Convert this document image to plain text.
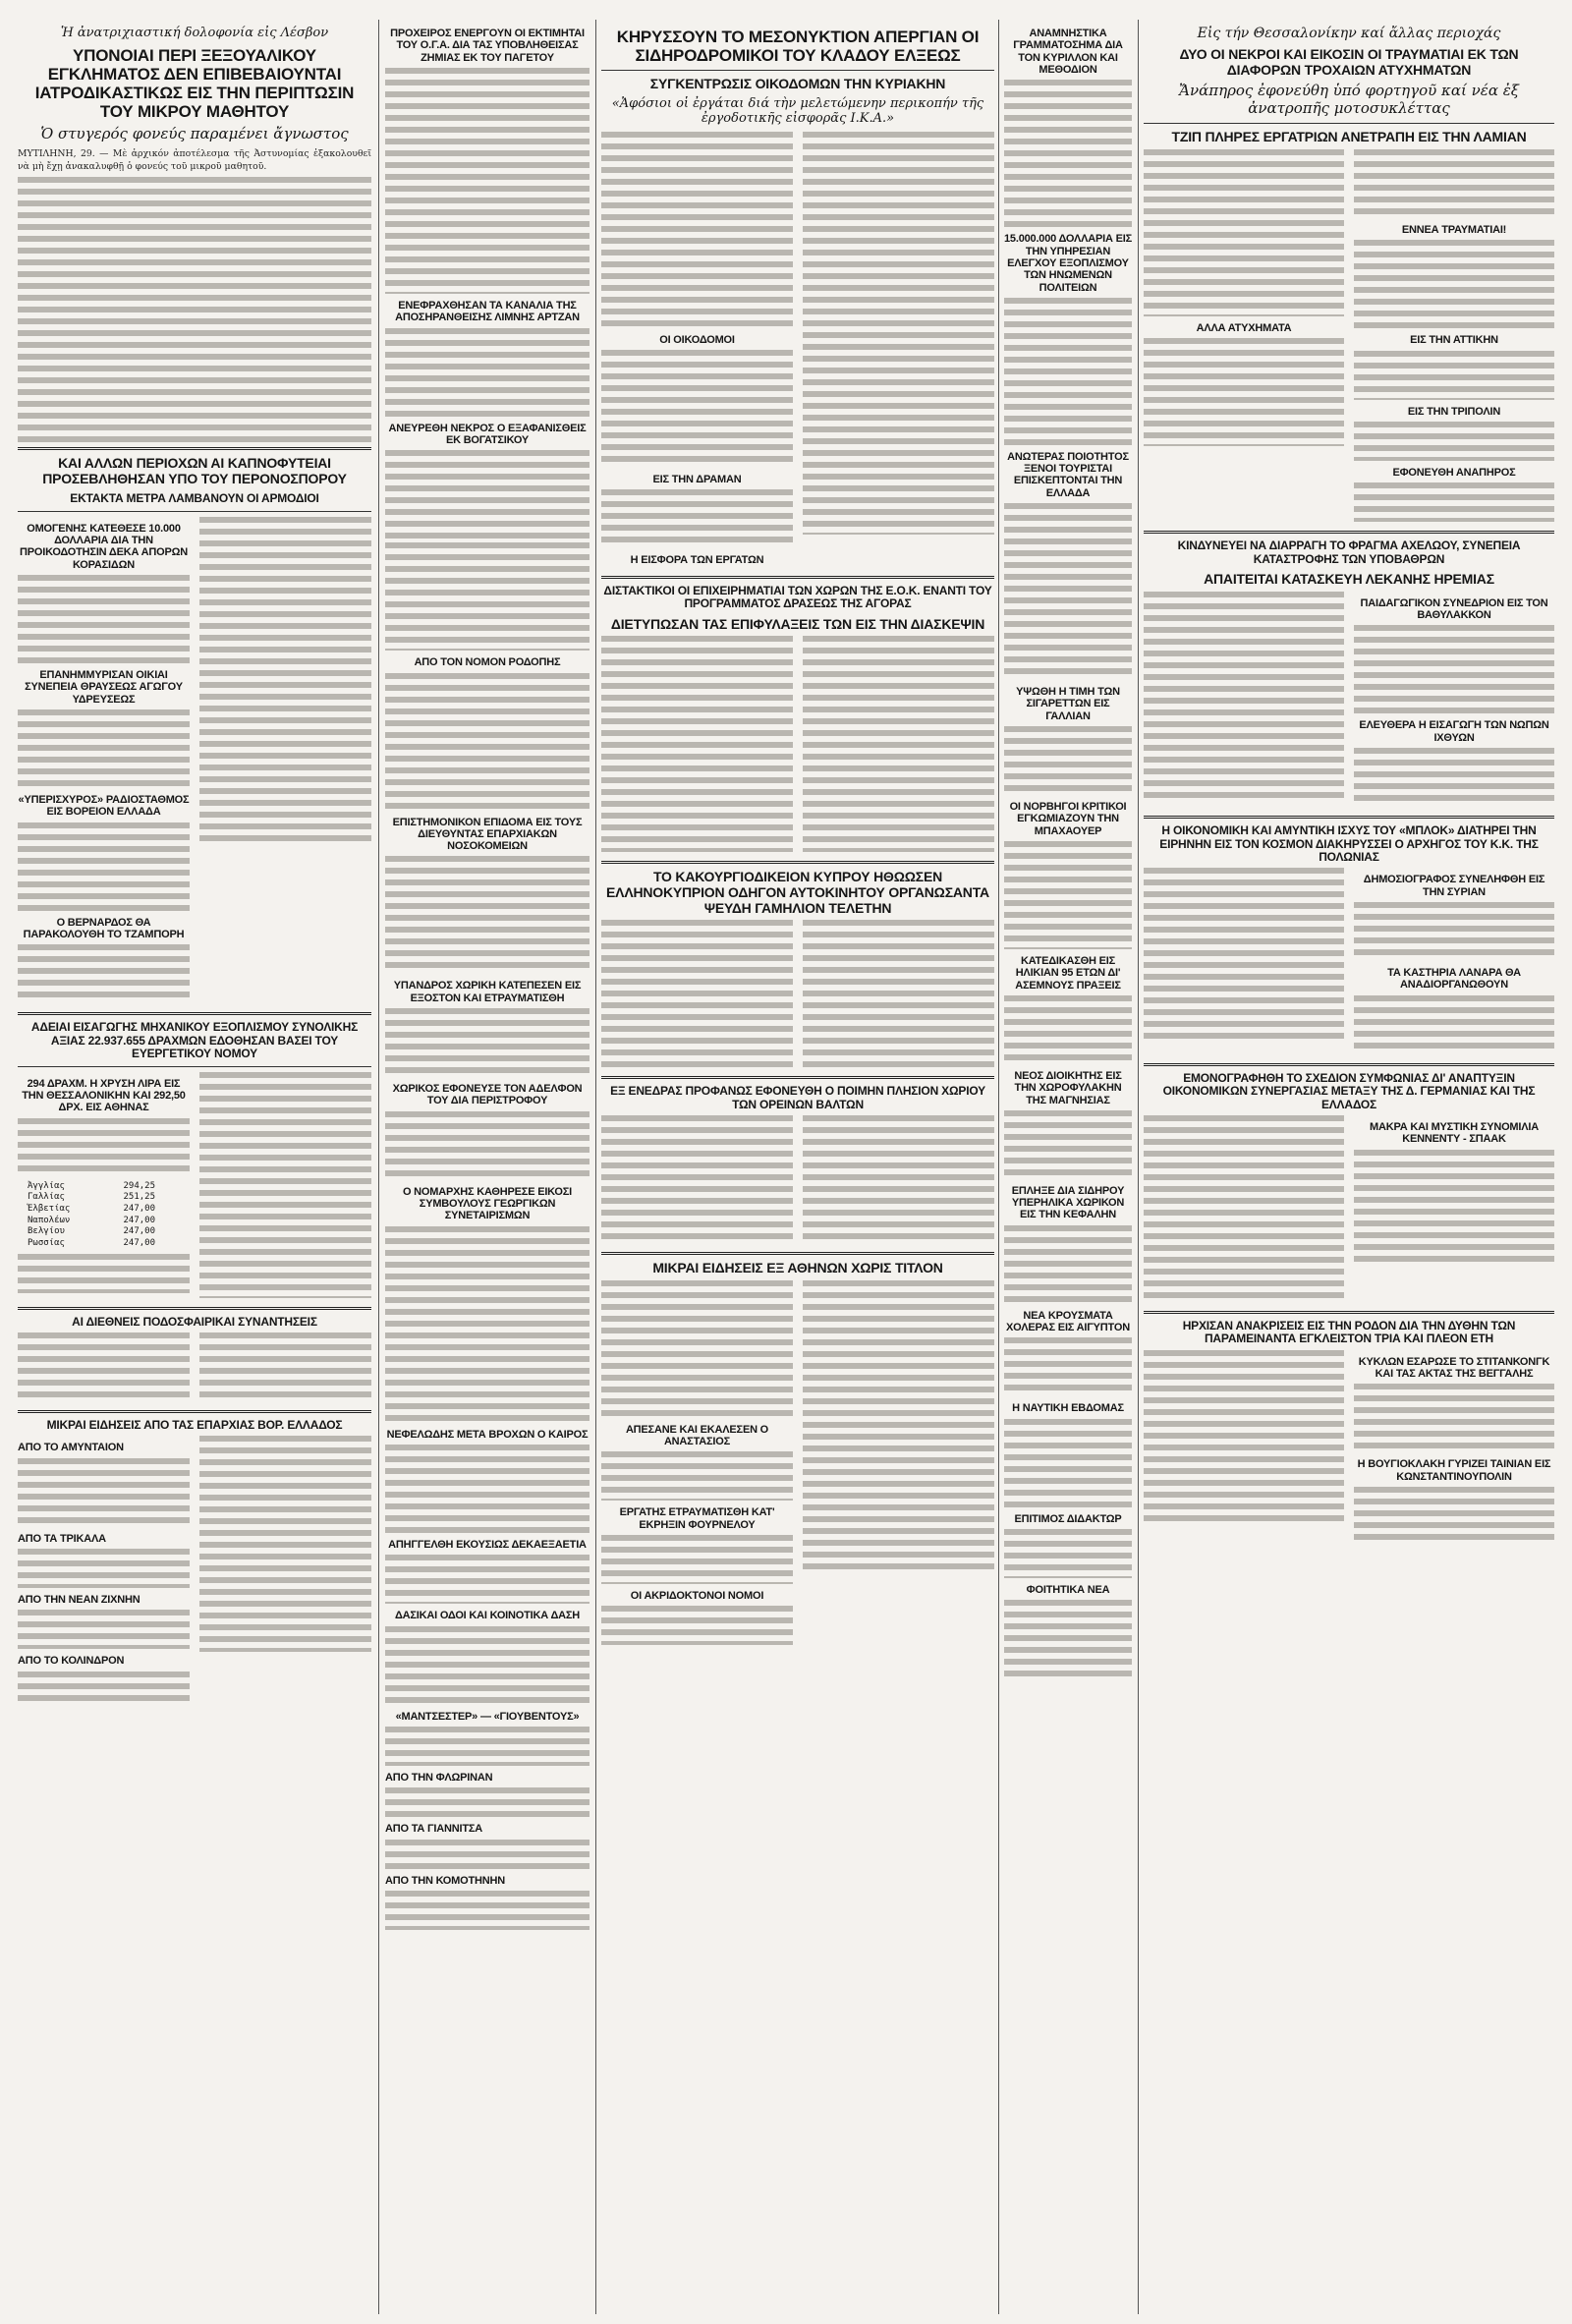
Ἡ ἀνατριχιαστική δολοφονία εἰς Λέσβον
ΥΠΟΝΟΙΑΙ ΠΕΡΙ ΞΕΞΟΥΑΛΙΚΟΥ ΕΓΚΛΗΜΑΤΟΣ ΔΕΝ ΕΠΙΒΕΒΑΙΟΥΝΤΑΙ ΙΑΤΡΟΔΙΚΑΣΤΙΚΩΣ ΕΙΣ ΤΗΝ ΠΕΡΙΠΤΩΣΙΝ ΤΟΥ ΜΙΚΡΟΥ ΜΑΘΗΤΟΥ
Ὁ στυγερός φονεύς παραμένει ἄγνωστος

ΜΥΤΙΛΗΝΗ, 29. — Μὲ ἀρχικόν ἀποτέλεσμα τῆς Ἀστυνομίας ἐξακολουθεῖ νὰ μὴ ἔχῃ ἀνακαλυφθῇ ὁ φονεύς τοῦ μικροῦ μαθητοῦ.

ΚΑΙ ΑΛΛΩΝ ΠΕΡΙΟΧΩΝ ΑΙ ΚΑΠΝΟΦΥΤΕΙΑΙ ΠΡΟΣΕΒΛΗΘΗΣΑΝ ΥΠΟ ΤΟΥ ΠΕΡΟΝΟΣΠΟΡΟΥ
ΕΚΤΑΚΤΑ ΜΕΤΡΑ ΛΑΜΒΑΝΟΥΝ ΟΙ ΑΡΜΟΔΙΟΙ
ΟΜΟΓΕΝΗΣ ΚΑΤΕΘΕΣΕ 10.000 ΔΟΛΛΑΡΙΑ ΔΙΑ ΤΗΝ ΠΡΟΙΚΟΔΟΤΗΣΙΝ ΔΕΚΑ ΑΠΟΡΩΝ ΚΟΡΑΣΙΔΩΝ
ΕΠΑΝΗΜΜΥΡΙΣΑΝ ΟΙΚΙΑΙ ΣΥΝΕΠΕΙΑ ΘΡΑΥΣΕΩΣ ΑΓΩΓΟΥ ΥΔΡΕΥΣΕΩΣ
«ΥΠΕΡΙΣΧΥΡΟΣ» ΡΑΔΙΟΣΤΑΘΜΟΣ ΕΙΣ ΒΟΡΕΙΟΝ ΕΛΛΑΔΑ
Ο ΒΕΡΝΑΡΔΟΣ ΘΑ ΠΑΡΑΚΟΛΟΥΘΗ ΤΟ ΤΖΑΜΠΟΡΗ
ΑΔΕΙΑΙ ΕΙΣΑΓΩΓΗΣ ΜΗΧΑΝΙΚΟΥ ΕΞΟΠΛΙΣΜΟΥ ΣΥΝΟΛΙΚΗΣ ΑΞΙΑΣ 22.937.655 ΔΡΑΧΜΩΝ ΕΔΟΘΗΣΑΝ ΒΑΣΕΙ ΤΟΥ ΕΥΕΡΓΕΤΙΚΟΥ ΝΟΜΟΥ
294 ΔΡΑΧΜ. Η ΧΡΥΣΗ ΛΙΡΑ ΕΙΣ ΤΗΝ ΘΕΣΣΑΛΟΝΙΚΗΝ ΚΑΙ 292,50 ΔΡΧ. ΕΙΣ ΑΘΗΝΑΣ
Ἀγγλίας	294,25
Γαλλίας	251,25
Ἑλβετίας	247,00
Ναπολέων	247,00
Βελγίου	247,00
Ρωσσίας	247,00
ΑΙ ΔΙΕΘΝΕΙΣ ΠΟΔΟΣΦΑΙΡΙΚΑΙ ΣΥΝΑΝΤΗΣΕΙΣ
ΜΙΚΡΑΙ ΕΙΔΗΣΕΙΣ ΑΠΟ ΤΑΣ ΕΠΑΡΧΙΑΣ ΒΟΡ. ΕΛΛΑΔΟΣ
ΑΠΟ ΤΟ ΑΜΥΝΤΑΙΟΝ
ΑΠΟ ΤΑ ΤΡΙΚΑΛΑ
ΑΠΟ ΤΗΝ ΝΕΑΝ ΖΙΧΝΗΝ
ΑΠΟ ΤΟ ΚΟΛΙΝΔΡΟΝ
ΠΡΟΧΕΙΡΟΣ ΕΝΕΡΓΟΥΝ ΟΙ ΕΚΤΙΜΗΤΑΙ ΤΟΥ Ο.Γ.Α. ΔΙΑ ΤΑΣ ΥΠΟΒΛΗΘΕΙΣΑΣ ΖΗΜΙΑΣ ΕΚ ΤΟΥ ΠΑΓΕΤΟΥ
ΕΝΕΦΡΑΧΘΗΣΑΝ ΤΑ ΚΑΝΑΛΙΑ ΤΗΣ ΑΠΟΣΗΡΑΝΘΕΙΣΗΣ ΛΙΜΝΗΣ ΑΡΤΖΑΝ
ΑΝΕΥΡΕΘΗ ΝΕΚΡΟΣ Ο ΕΞΑΦΑΝΙΣΘΕΙΣ ΕΚ ΒΟΓΑΤΣΙΚΟΥ
ΑΠΟ ΤΟΝ ΝΟΜΟΝ ΡΟΔΟΠΗΣ
ΕΠΙΣΤΗΜΟΝΙΚΟΝ ΕΠΙΔΟΜΑ ΕΙΣ ΤΟΥΣ ΔΙΕΥΘΥΝΤΑΣ ΕΠΑΡΧΙΑΚΩΝ ΝΟΣΟΚΟΜΕΙΩΝ
ΥΠΑΝΔΡΟΣ ΧΩΡΙΚΗ ΚΑΤΕΠΕΣΕΝ ΕΙΣ ΕΞΟΣΤΟΝ ΚΑΙ ΕΤΡΑΥΜΑΤΙΣΘΗ
ΧΩΡΙΚΟΣ ΕΦΟΝΕΥΣΕ ΤΟΝ ΑΔΕΛΦΟΝ ΤΟΥ ΔΙΑ ΠΕΡΙΣΤΡΟΦΟΥ
Ο ΝΟΜΑΡΧΗΣ ΚΑΘΗΡΕΣΕ ΕΙΚΟΣΙ ΣΥΜΒΟΥΛΟΥΣ ΓΕΩΡΓΙΚΩΝ ΣΥΝΕΤΑΙΡΙΣΜΩΝ
ΝΕΦΕΛΩΔΗΣ ΜΕΤΑ ΒΡΟΧΩΝ Ο ΚΑΙΡΟΣ
ΑΠΗΓΓΕΛΘΗ ΕΚΟΥΣΙΩΣ ΔΕΚΑΕΞΑΕΤΙΑ
ΔΑΣΙΚΑΙ ΟΔΟΙ ΚΑΙ ΚΟΙΝΟΤΙΚΑ ΔΑΣΗ
«ΜΑΝΤΣΕΣΤΕΡ» — «ΓΙΟΥΒΕΝΤΟΥΣ»
ΑΠΟ ΤΗΝ ΦΛΩΡΙΝΑΝ
ΑΠΟ ΤΑ ΓΙΑΝΝΙΤΣΑ
ΑΠΟ ΤΗΝ ΚΟΜΟΤΗΝΗΝ
ΚΗΡΥΣΣΟΥΝ ΤΟ ΜΕΣΟΝΥΚΤΙΟΝ ΑΠΕΡΓΙΑΝ ΟΙ ΣΙΔΗΡΟΔΡΟΜΙΚΟΙ ΤΟΥ ΚΛΑΔΟΥ ΕΛΞΕΩΣ
ΣΥΓΚΕΝΤΡΩΣΙΣ ΟΙΚΟΔΟΜΩΝ ΤΗΝ ΚΥΡΙΑΚΗΝ
«Ἀφόσιοι οἱ ἐργάται διά τὴν μελετώμενην περικοπήν τῆς ἐργοδοτικῆς εἰσφορᾶς Ι.Κ.Α.»
ΟΙ ΟΙΚΟΔΟΜΟΙ
ΕΙΣ ΤΗΝ ΔΡΑΜΑΝ
Η ΕΙΣΦΟΡΑ ΤΩΝ ΕΡΓΑΤΩΝ
ΔΙΣΤΑΚΤΙΚΟΙ ΟΙ ΕΠΙΧΕΙΡΗΜΑΤΙΑΙ ΤΩΝ ΧΩΡΩΝ ΤΗΣ Ε.Ο.Κ. ΕΝΑΝΤΙ ΤΟΥ ΠΡΟΓΡΑΜΜΑΤΟΣ ΔΡΑΣΕΩΣ ΤΗΣ ΑΓΟΡΑΣ
ΔΙΕΤΥΠΩΣΑΝ ΤΑΣ ΕΠΙΦΥΛΑΞΕΙΣ ΤΩΝ ΕΙΣ ΤΗΝ ΔΙΑΣΚΕΨΙΝ
ΤΟ ΚΑΚΟΥΡΓΙΟΔΙΚΕΙΟΝ ΚΥΠΡΟΥ ΗΘΩΩΣΕΝ ΕΛΛΗΝΟΚΥΠΡΙΟΝ ΟΔΗΓΟΝ ΑΥΤΟΚΙΝΗΤΟΥ ΟΡΓΑΝΩΣΑΝΤΑ ΨΕΥΔΗ ΓΑΜΗΛΙΟΝ ΤΕΛΕΤΗΝ
ΕΞ ΕΝΕΔΡΑΣ ΠΡΟΦΑΝΩΣ ΕΦΟΝΕΥΘΗ Ο ΠΟΙΜΗΝ ΠΛΗΣΙΟΝ ΧΩΡΙΟΥ ΤΩΝ ΟΡΕΙΝΩΝ ΒΑΛΤΩΝ
ΜΙΚΡΑΙ ΕΙΔΗΣΕΙΣ ΕΞ ΑΘΗΝΩΝ ΧΩΡΙΣ ΤΙΤΛΟΝ
ΑΠΕΣΑΝΕ ΚΑΙ ΕΚΑΛΕΣΕΝ Ο ΑΝΑΣΤΑΣΙΟΣ
ΕΡΓΑΤΗΣ ΕΤΡΑΥΜΑΤΙΣΘΗ ΚΑΤ' ΕΚΡΗΞΙΝ ΦΟΥΡΝΕΛΟΥ
ΟΙ ΑΚΡΙΔΟΚΤΟΝΟΙ ΝΟΜΟΙ
ΑΝΑΜΝΗΣΤΙΚΑ ΓΡΑΜΜΑΤΟΣΗΜΑ ΔΙΑ ΤΟΝ ΚΥΡΙΛΛΟΝ ΚΑΙ ΜΕΘΟΔΙΟΝ
15.000.000 ΔΟΛΛΑΡΙΑ ΕΙΣ ΤΗΝ ΥΠΗΡΕΣΙΑΝ ΕΛΕΓΧΟΥ ΕΞΟΠΛΙΣΜΟΥ ΤΩΝ ΗΝΩΜΕΝΩΝ ΠΟΛΙΤΕΙΩΝ
ΑΝΩΤΕΡΑΣ ΠΟΙΟΤΗΤΟΣ ΞΕΝΟΙ ΤΟΥΡΙΣΤΑΙ ΕΠΙΣΚΕΠΤΟΝΤΑΙ ΤΗΝ ΕΛΛΑΔΑ
ΥΨΩΘΗ Η ΤΙΜΗ ΤΩΝ ΣΙΓΑΡΕΤΤΩΝ ΕΙΣ ΓΑΛΛΙΑΝ
ΟΙ ΝΟΡΒΗΓΟΙ ΚΡΙΤΙΚΟΙ ΕΓΚΩΜΙΑΖΟΥΝ ΤΗΝ ΜΠΑΧΑΟΥΕΡ
ΚΑΤΕΔΙΚΑΣΘΗ ΕΙΣ ΗΛΙΚΙΑΝ 95 ΕΤΩΝ ΔΙ' ΑΣΕΜΝΟΥΣ ΠΡΑΞΕΙΣ
ΝΕΟΣ ΔΙΟΙΚΗΤΗΣ ΕΙΣ ΤΗΝ ΧΩΡΟΦΥΛΑΚΗΝ ΤΗΣ ΜΑΓΝΗΣΙΑΣ
ΕΠΛΗΞΕ ΔΙΑ ΣΙΔΗΡΟΥ ΥΠΕΡΗΛΙΚΑ ΧΩΡΙΚΟΝ ΕΙΣ ΤΗΝ ΚΕΦΑΛΗΝ
ΝΕΑ ΚΡΟΥΣΜΑΤΑ ΧΟΛΕΡΑΣ ΕΙΣ ΑΙΓΥΠΤΟΝ
Η ΝΑΥΤΙΚΗ ΕΒΔΟΜΑΣ
ΕΠΙΤΙΜΟΣ ΔΙΔΑΚΤΩΡ
ΦΟΙΤΗΤΙΚΑ ΝΕΑ
Εἰς τήν Θεσσαλονίκην καί ἄλλας περιοχάς
ΔΥΟ ΟΙ ΝΕΚΡΟΙ ΚΑΙ ΕΙΚΟΣΙΝ ΟΙ ΤΡΑΥΜΑΤΙΑΙ ΕΚ ΤΩΝ ΔΙΑΦΟΡΩΝ ΤΡΟΧΑΙΩΝ ΑΤΥΧΗΜΑΤΩΝ
Ἄνάπηρος ἐφονεύθη ὑπό φορτηγοῦ καί νέα ἐξ ἀνατροπῆς μοτοσυκλέττας
ΤΖΙΠ ΠΛΗΡΕΣ ΕΡΓΑΤΡΙΩΝ ΑΝΕΤΡΑΠΗ ΕΙΣ ΤΗΝ ΛΑΜΙΑΝ
ΑΛΛΑ ΑΤΥΧΗΜΑΤΑ
ΕΝΝΕΑ ΤΡΑΥΜΑΤΙΑΙ!
ΕΙΣ ΤΗΝ ΑΤΤΙΚΗΝ
ΕΙΣ ΤΗΝ ΤΡΙΠΟΛΙΝ
ΕΦΟΝΕΥΘΗ ΑΝΑΠΗΡΟΣ
ΚΙΝΔΥΝΕΥΕΙ ΝΑ ΔΙΑΡΡΑΓΗ ΤΟ ΦΡΑΓΜΑ ΑΧΕΛΩΟΥ, ΣΥΝΕΠΕΙΑ ΚΑΤΑΣΤΡΟΦΗΣ ΤΩΝ ΥΠΟΒΑΘΡΩΝ
ΑΠΑΙΤΕΙΤΑΙ ΚΑΤΑΣΚΕΥΗ ΛΕΚΑΝΗΣ ΗΡΕΜΙΑΣ
ΠΑΙΔΑΓΩΓΙΚΟΝ ΣΥΝΕΔΡΙΟΝ ΕΙΣ ΤΟΝ ΒΑΘΥΛΑΚΚΟΝ
ΕΛΕΥΘΕΡΑ Η ΕΙΣΑΓΩΓΗ ΤΩΝ ΝΩΠΩΝ ΙΧΘΥΩΝ
Η ΟΙΚΟΝΟΜΙΚΗ ΚΑΙ ΑΜΥΝΤΙΚΗ ΙΣΧΥΣ ΤΟΥ «ΜΠΛΟΚ» ΔΙΑΤΗΡΕΙ ΤΗΝ ΕΙΡΗΝΗΝ ΕΙΣ ΤΟΝ ΚΟΣΜΟΝ ΔΙΑΚΗΡΥΣΣΕΙ Ο ΑΡΧΗΓΟΣ ΤΟΥ Κ.Κ. ΤΗΣ ΠΟΛΩΝΙΑΣ
ΔΗΜΟΣΙΟΓΡΑΦΟΣ ΣΥΝΕΛΗΦΘΗ ΕΙΣ ΤΗΝ ΣΥΡΙΑΝ
ΤΑ ΚΑΣΤΗΡΙΑ ΛΑΝΑΡΑ ΘΑ ΑΝΑΔΙΟΡΓΑΝΩΘΟΥΝ
ΕΜΟΝΟΓΡΑΦΗΘΗ ΤΟ ΣΧΕΔΙΟΝ ΣΥΜΦΩΝΙΑΣ ΔΙ' ΑΝΑΠΤΥΞΙΝ ΟΙΚΟΝΟΜΙΚΩΝ ΣΥΝΕΡΓΑΣΙΑΣ ΜΕΤΑΞΥ ΤΗΣ Δ. ΓΕΡΜΑΝΙΑΣ ΚΑΙ ΤΗΣ ΕΛΛΑΔΟΣ
ΜΑΚΡΑ ΚΑΙ ΜΥΣΤΙΚΗ ΣΥΝΟΜΙΛΙΑ ΚΕΝΝΕΝΤΥ - ΣΠΑΑΚ
ΗΡΧΙΣΑΝ ΑΝΑΚΡΙΣΕΙΣ ΕΙΣ ΤΗΝ ΡΟΔΟΝ ΔΙΑ ΤΗΝ ΔΥΘΗΝ ΤΩΝ ΠΑΡΑΜΕΙΝΑΝΤΑ ΕΓΚΛΕΙΣΤΟΝ ΤΡΙΑ ΚΑΙ ΠΛΕΟΝ ΕΤΗ
ΚΥΚΛΩΝ ΕΣΑΡΩΣΕ ΤΟ ΣΤΙΤΑΝΚΟΝΓΚ ΚΑΙ ΤΑΣ ΑΚΤΑΣ ΤΗΣ ΒΕΓΓΑΛΗΣ
Η ΒΟΥΓΙΟΚΛΑΚΗ ΓΥΡΙΖΕΙ ΤΑΙΝΙΑΝ ΕΙΣ ΚΩΝΣΤΑΝΤΙΝΟΥΠΟΛΙΝ
